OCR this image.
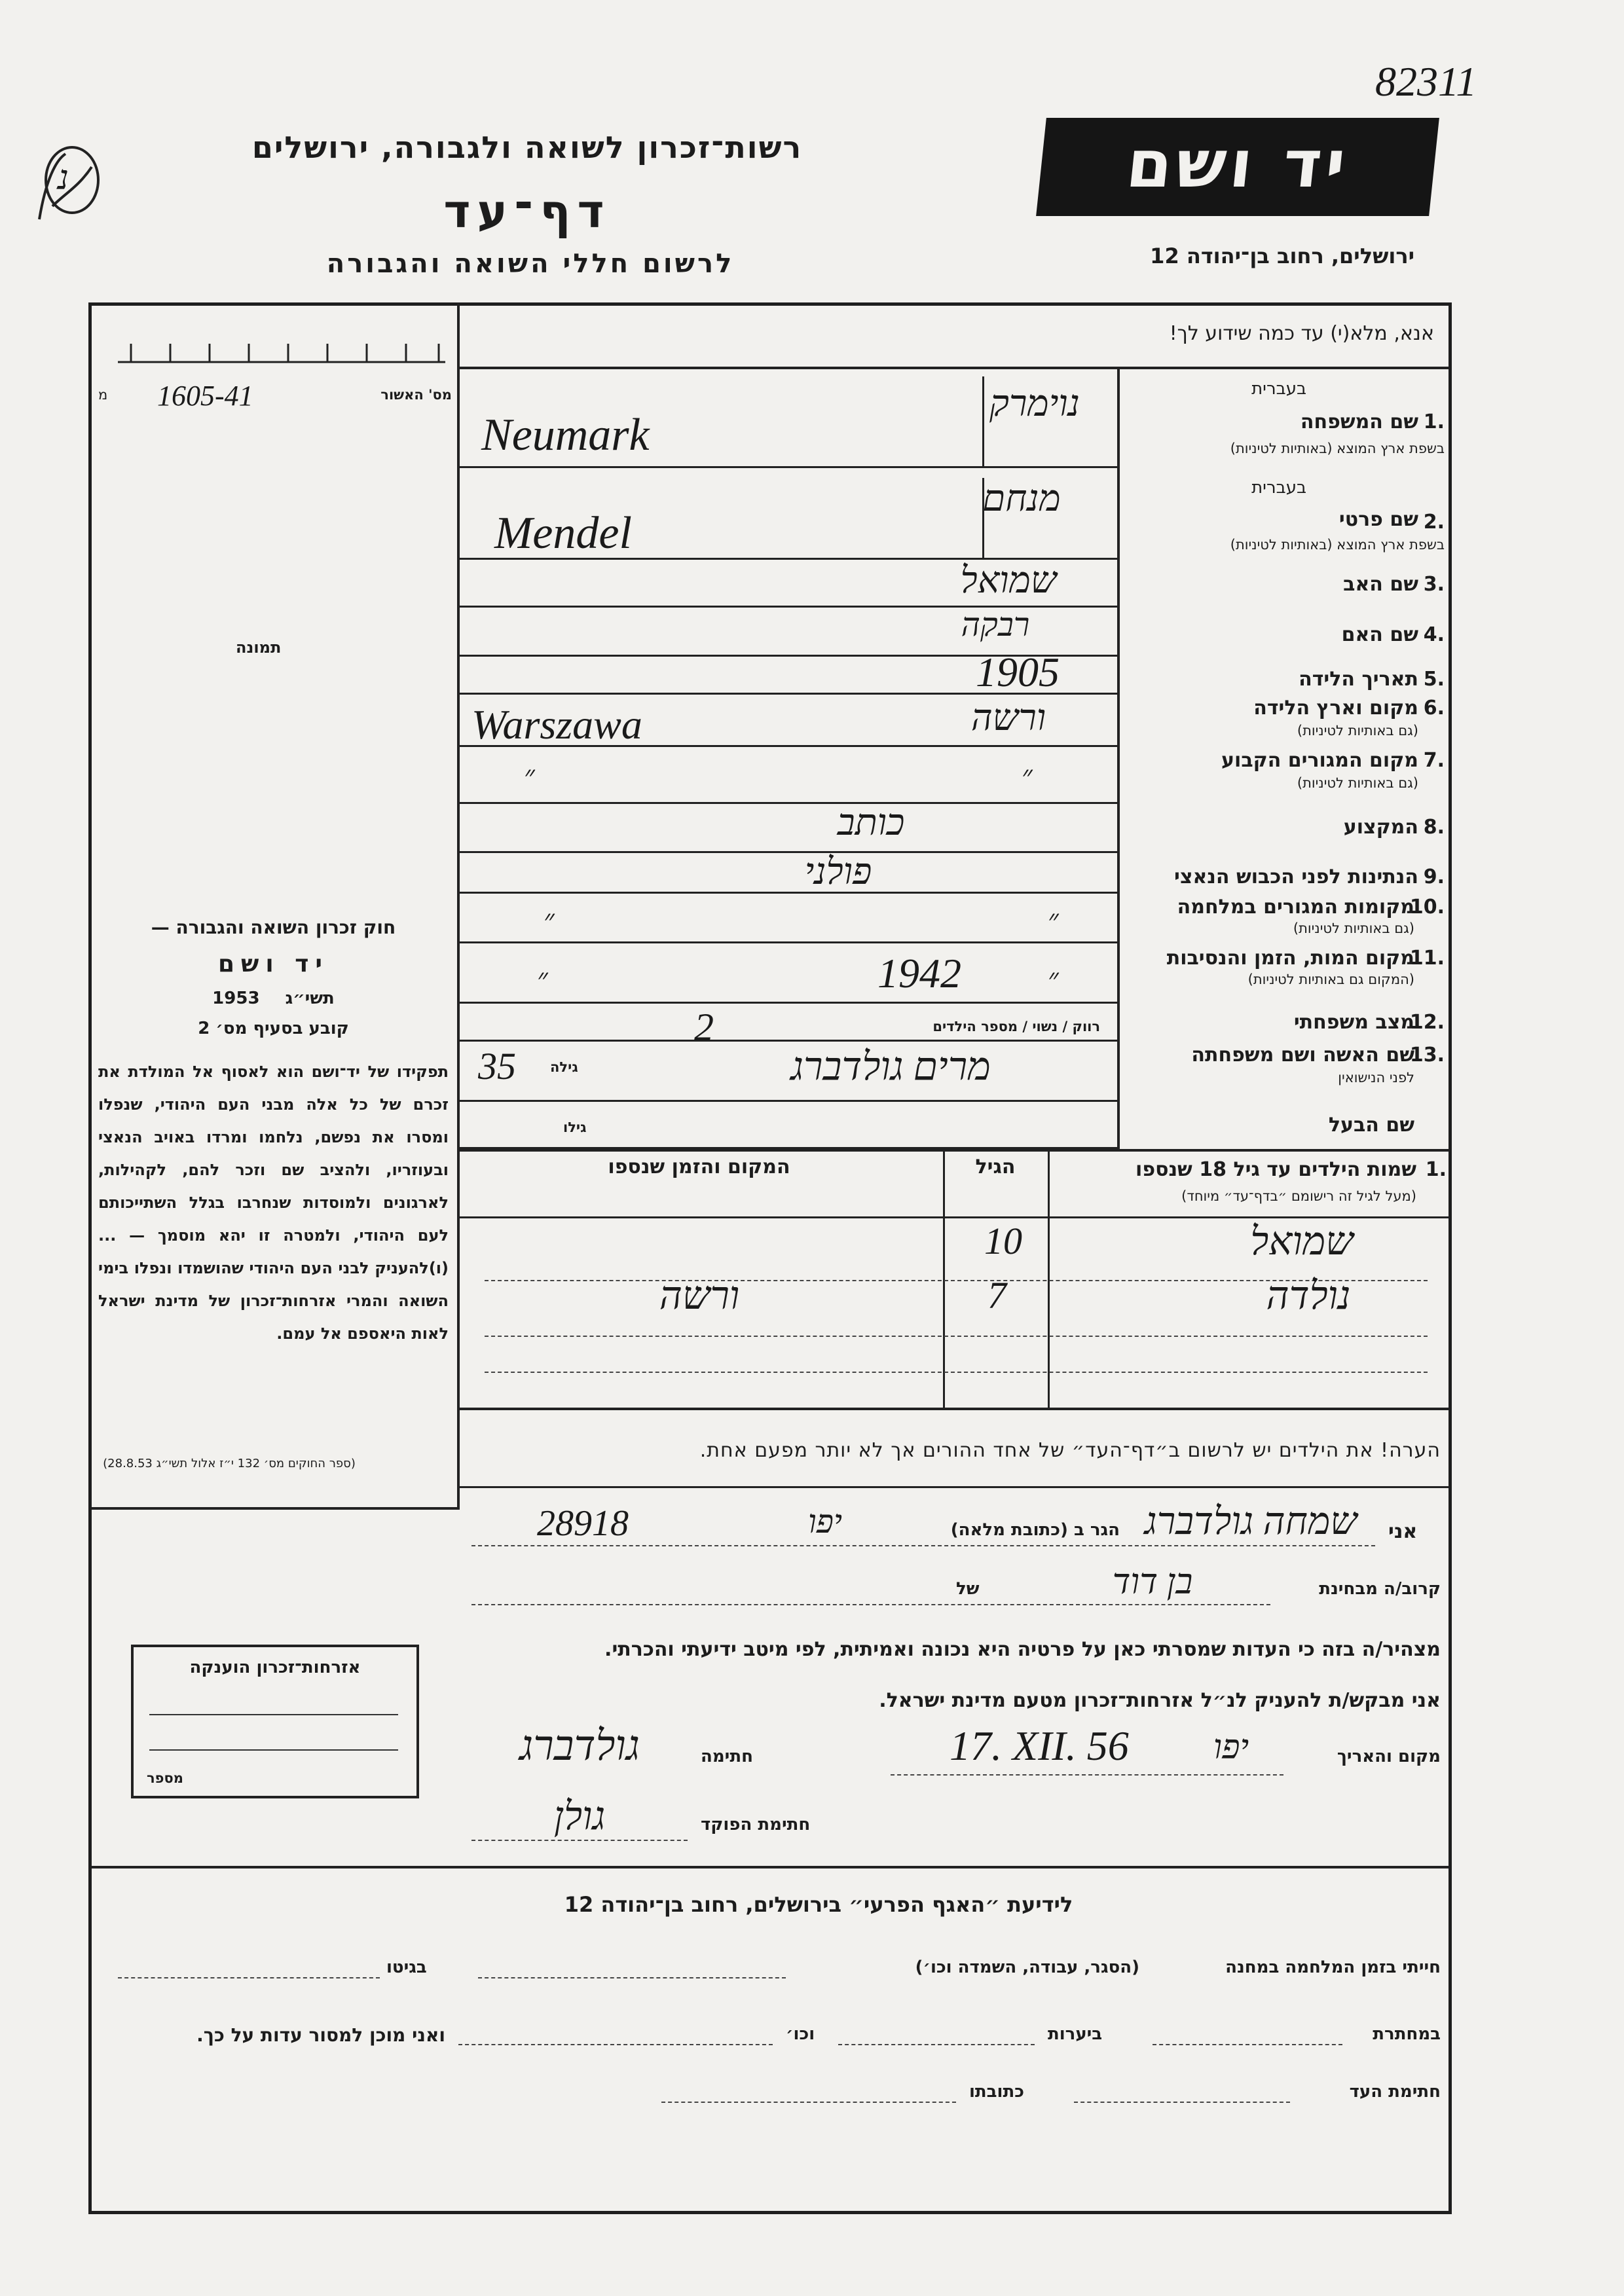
82311
נ
רשות־זכרון לשואה ולגבורה, ירושלים
דף־עד
לרשום חללי השואה והגבורה
יד ושם
ירושלים, רחוב בן־יהודה 12
1605-41	מס' האשור
מ
תמונה
חוק זכרון השואה והגבורה —
יד ושם
1953 תשי״ג
קובע בסעיף מס׳ 2
תפקידו של יד־ושם הוא לאסוף אל המולדת את זכרם של כל אלה מבני העם היהודי, שנפלו ומסרו את נפשם, נלחמו ומרדו באויב הנאצי ובעוזריו, ולהציב שם וזכר להם, לקהילות, לארגונים ולמוסדות שנחרבו בגלל השתייכותם לעם היהודי, ולמטרה זו יהא מוסמך — ...(ו)להעניק לבני העם היהודי שהושמדו ונפלו בימי השואה והמרי אזרחות־זכרון של מדינת ישראל לאות היאספם אל עמם.
(ספר החוקים מס׳ 132 י״ז אלול תשי״ג 28.8.53)
אנא, מלא(י) עד כמה שידוע לך!
בעברית
1.
שם המשפחה
בשפת ארץ המוצא (באותיות לטיניות)
בעברית
2.
שם פרטי
בשפת ארץ המוצא (באותיות לטיניות)
3.
שם האב
4.
שם האם
5.
תאריך הלידה
6.
מקום וארץ הלידה
(גם באותיות לטיניות)
7.
מקום המגורים הקבוע
(גם באותיות לטיניות)
8.
המקצוע
9.
הנתינות לפני הכבוש הנאצי
10.
מקומות המגורים במלחמה
(גם באותיות לטיניות)
11.
מקום המות, הזמן והנסיבות
(המקום גם באותיות לטיניות)
12.
מצב משפחתי
13.
שם האשה ושם משפחתה
לפני הנישואין
שם הבעל
נוימרק
Neumark
מנחם
Mendel
שמואל
רבקה
1905
ורשה
Warszawa
״
״
כותב
פולני
״
״
1942	״
״
רווק / נשוי / מספר הילדים
2
מרים גולדברג
גילה
35
גילו
1.
שמות הילדים עד גיל 18 שנספו
(מעל לגיל זה רישומם ״בדף־עד״ מיוחד)
הגיל
המקום והזמן שנספו
שמואל
10
נולדה
7
ורשה
הערה! את הילדים יש לרשום ב״דף־העד״ של אחד ההורים אך לא יותר מפעם אחת.
אני
שמחה גולדברג
הגר ב (כתובת מלאה)
יפו
28918
קרוב/ה מבחינת
בן דוד
של
מצהיר/ה בזה כי העדות שמסרתי כאן על פרטיה היא נכונה ואמיתית, לפי מיטב ידיעתי והכרתי.
אני מבקש/ת להעניק לנ״ל אזרחות־זכרון מטעם מדינת ישראל.
מקום והאריך
יפו
17. XII. 56
חתימה
גולדברג
חתימת הפוקד
גולן
אזרחות־זכרון הוענקה
מספר
לידיעת ״האגף הפרעי״ בירושלים, רחוב בן־יהודה 12
חייתי בזמן המלחמה במחנה
(הסגר, עבודה, השמדה וכו׳)
בגיטו
במחתרת
ביערות
וכו׳
ואני מוכן למסור עדות על כך.
חתימת העד
כתובתו
